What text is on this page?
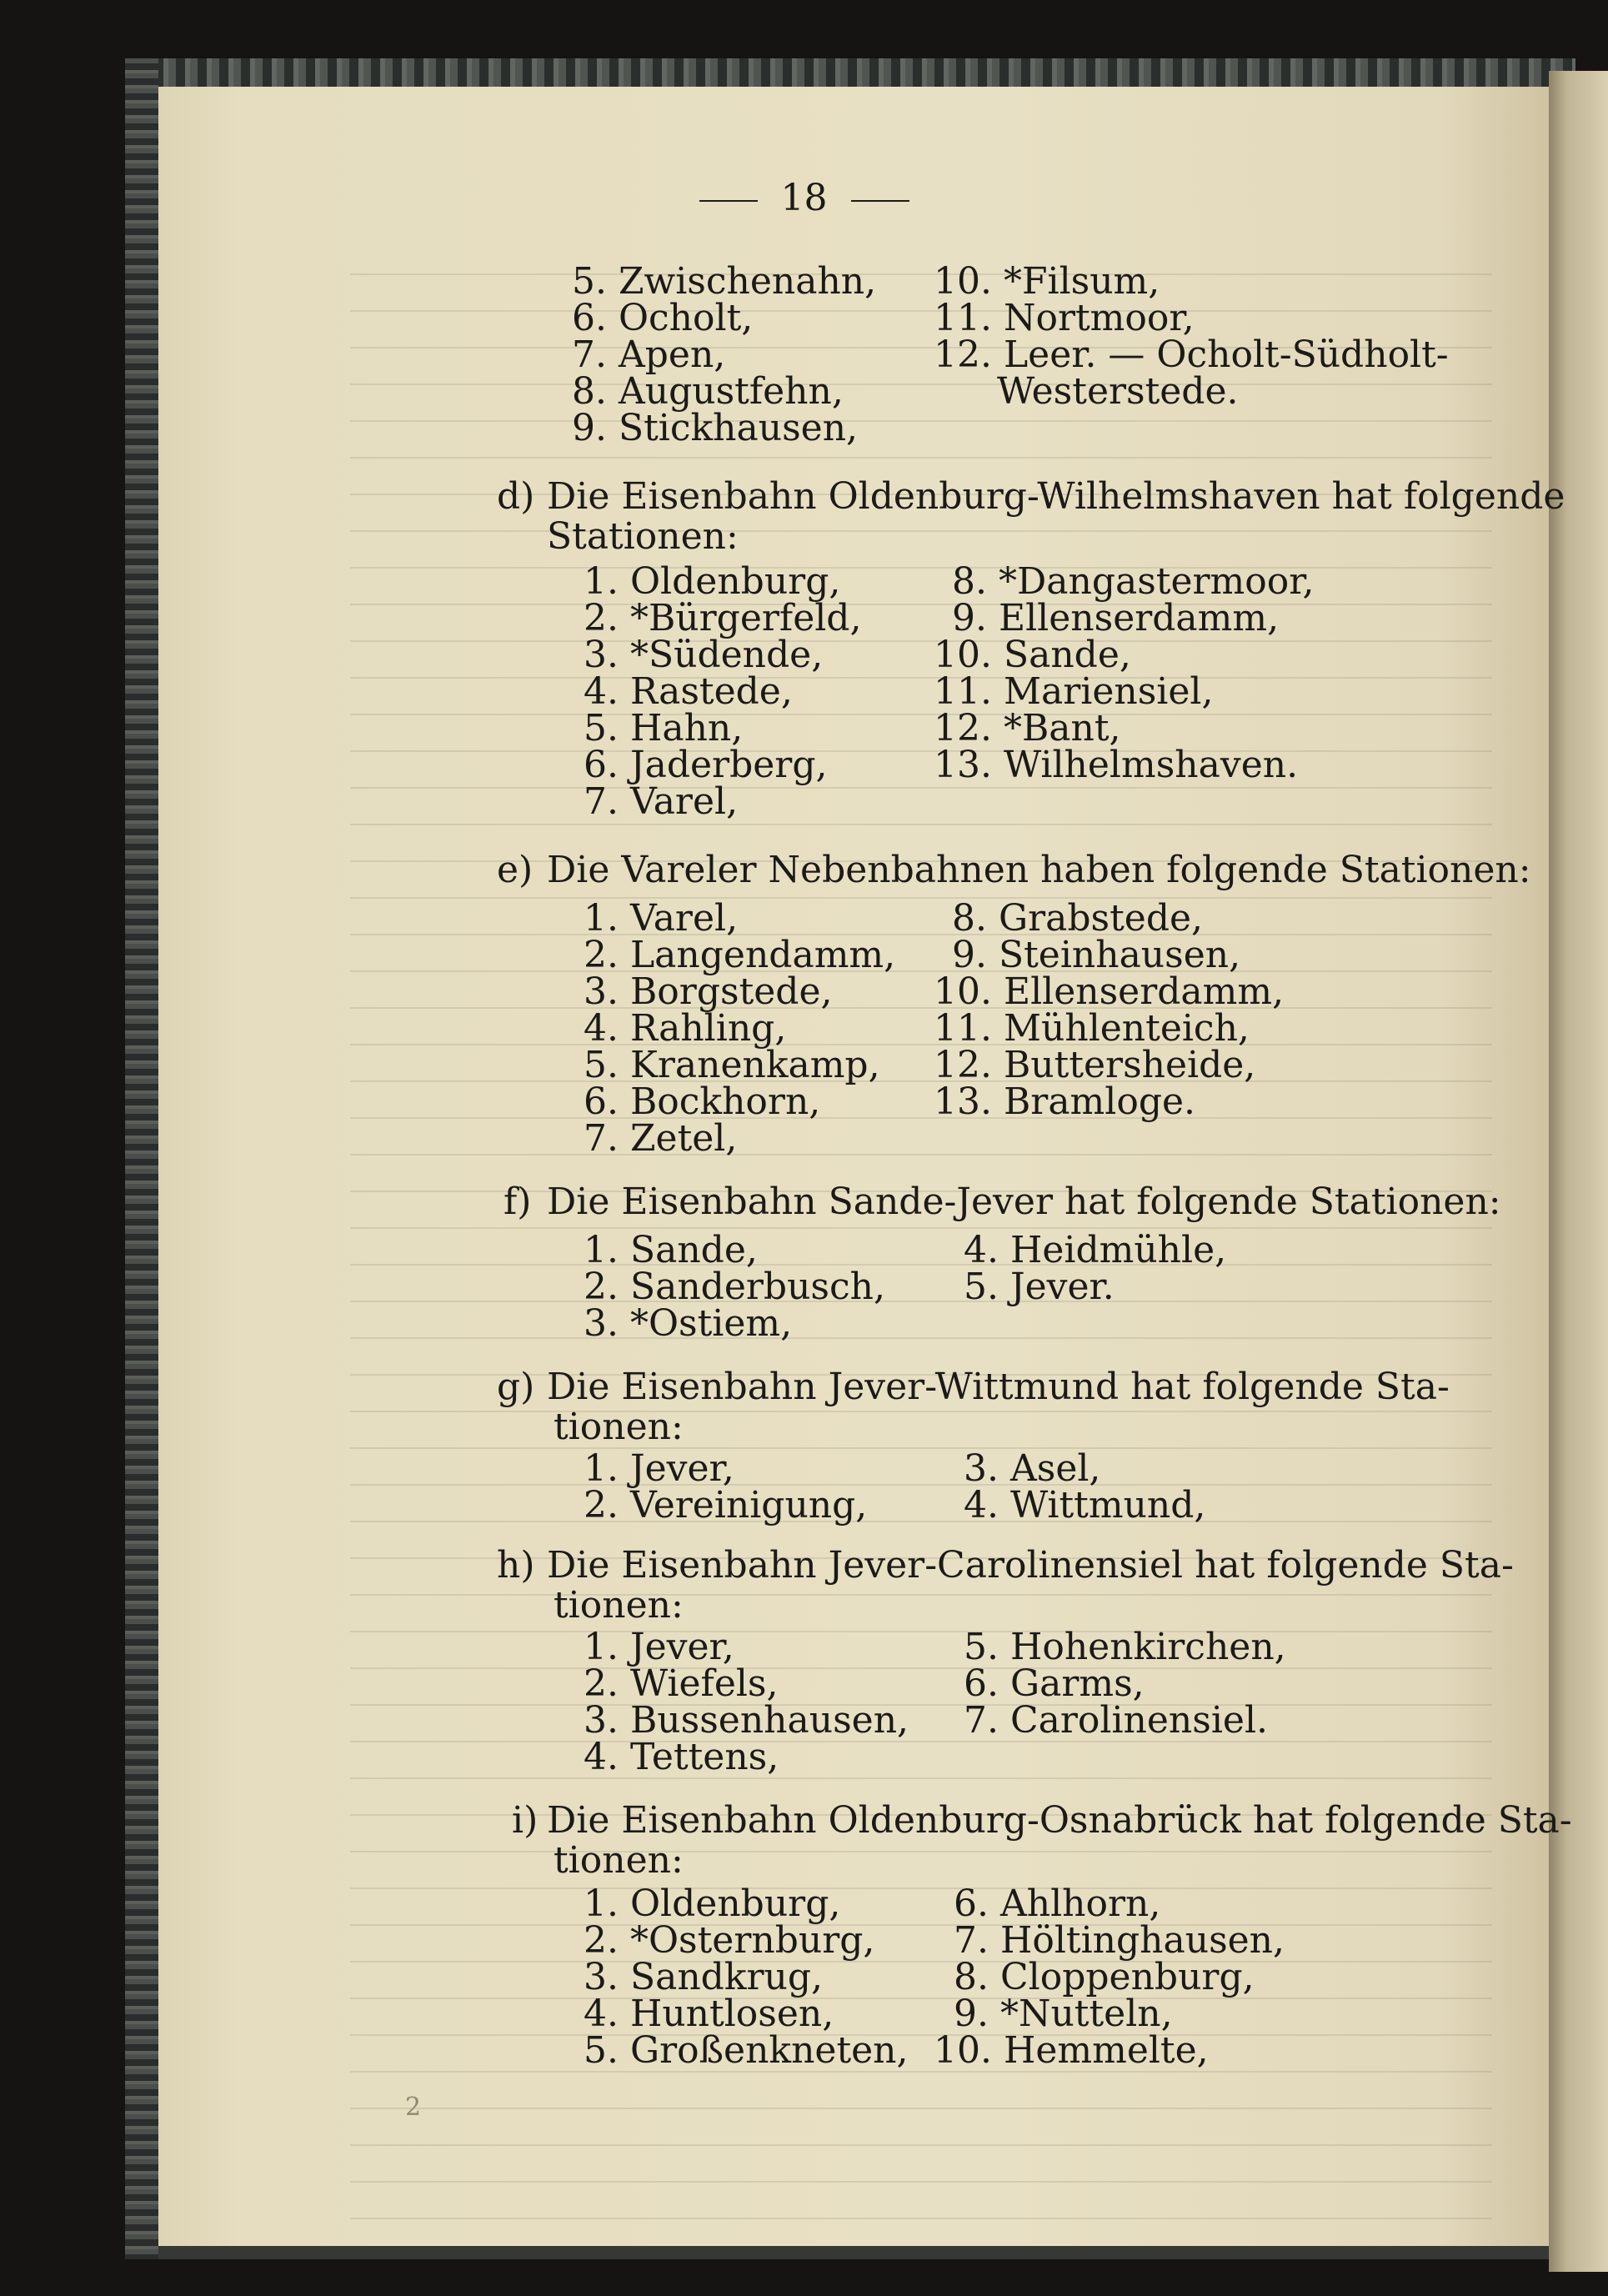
18
5. Zwischenahn, 10. *Filsum,
6. Ocholt,	11. Nortmoor,
7. Apen,	12. Leer. — Ocholt-Südholt-
8. Augustfehn,	Westerstede.
9. Stickhausen,
d) Die Eisenbahn Oldenburg-Wilhelmshaven hat folgende
Stationen:
1. Oldenburg,	8. *Dangastermoor,
2. *Bürgerfeld, 9. Ellenserdamm,
3. *Südende,	10. Sande,
4. Rastede,	11. Mariensiel,
5. Hahn,	12. *Bant,
6. Jaderberg,	13. Wilhelmshaven.
7. Varel,
e) Die Vareler Nebenbahnen haben folgende Stationen:
1. Varel,	8. Grabstede,
2. Langendamm, 9. Steinhausen,
3. Borgstede,	10. Ellenserdamm,
4. Rahling,	11. Mühlenteich,
5. Kranenkamp, 12. Buttersheide,
6. Bockhorn,	13. Bramloge.
7. Zetel,
f) Die Eisenbahn Sande-Jever hat folgende Stationen:
1. Sande,	4. Heidmühle,
2. Sanderbusch, 5. Jever.
3. *Ostiem,
g) Die Eisenbahn Jever-Wittmund hat folgende Sta-
tionen:
1. Jever,	3. Asel,
2. Vereinigung,	4. Wittmund,
h) Die Eisenbahn Jever-Carolinensiel hat folgende Sta-
tionen:
1. Jever,	5. Hohenkirchen,
2. Wiefels,	6. Garms,
3. Bussenhausen, 7. Carolinensiel.
4. Tettens,
i) Die Eisenbahn Oldenburg-Osnabrück hat folgende Sta-
tionen:
1. Oldenburg,	6. Ahlhorn,
2. *Osternburg, 7. Höltinghausen,
3. Sandkrug,	8. Cloppenburg,
4. Huntlosen,	9. *Nutteln,
5. Großenkneten, 10. Hemmelte,
2
